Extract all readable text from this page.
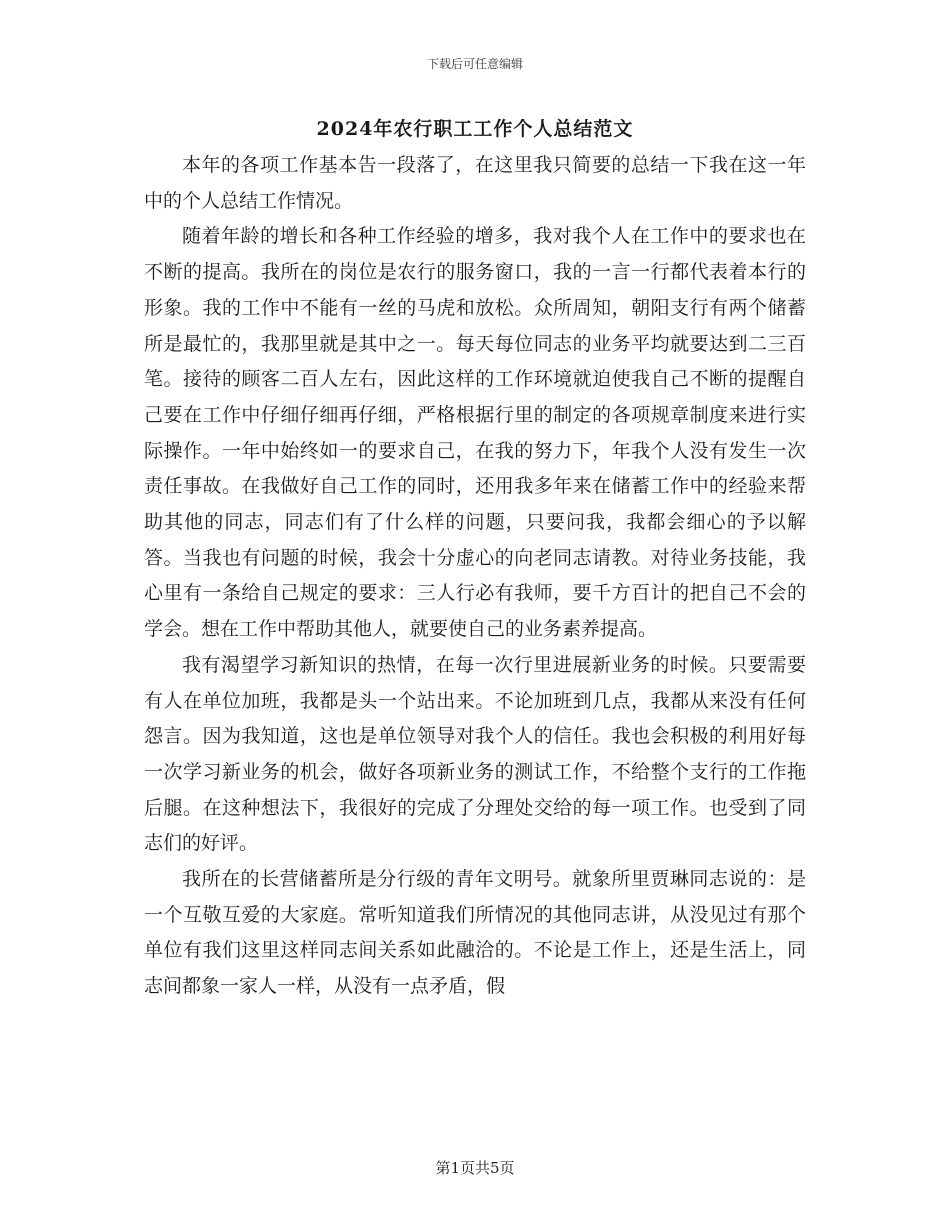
下载后可任意编辑
2024年农行职工工作个人总结范文

本年的各项工作基本告一段落了，在这里我只简要的总结一下我在这一年中的个人总结工作情况。

随着年龄的增长和各种工作经验的增多，我对我个人在工作中的要求也在不断的提高。我所在的岗位是农行的服务窗口，我的一言一行都代表着本行的形象。我的工作中不能有一丝的马虎和放松。众所周知，朝阳支行有两个储蓄所是最忙的，我那里就是其中之一。每天每位同志的业务平均就要达到二三百笔。接待的顾客二百人左右，因此这样的工作环境就迫使我自己不断的提醒自己要在工作中仔细仔细再仔细，严格根据行里的制定的各项规章制度来进行实际操作。一年中始终如一的要求自己，在我的努力下，年我个人没有发生一次责任事故。在我做好自己工作的同时，还用我多年来在储蓄工作中的经验来帮助其他的同志，同志们有了什么样的问题，只要问我，我都会细心的予以解答。当我也有问题的时候，我会十分虚心的向老同志请教。对待业务技能，我心里有一条给自己规定的要求：三人行必有我师，要千方百计的把自己不会的学会。想在工作中帮助其他人，就要使自己的业务素养提高。

我有渴望学习新知识的热情，在每一次行里进展新业务的时候。只要需要有人在单位加班，我都是头一个站出来。不论加班到几点，我都从来没有任何怨言。因为我知道，这也是单位领导对我个人的信任。我也会积极的利用好每一次学习新业务的机会，做好各项新业务的测试工作，不给整个支行的工作拖后腿。在这种想法下，我很好的完成了分理处交给的每一项工作。也受到了同志们的好评。

我所在的长营储蓄所是分行级的青年文明号。就象所里贾琳同志说的：是一个互敬互爱的大家庭。常听知道我们所情况的其他同志讲，从没见过有那个单位有我们这里这样同志间关系如此融洽的。不论是工作上，还是生活上，同志间都象一家人一样，从没有一点矛盾，假

第1页共5页
